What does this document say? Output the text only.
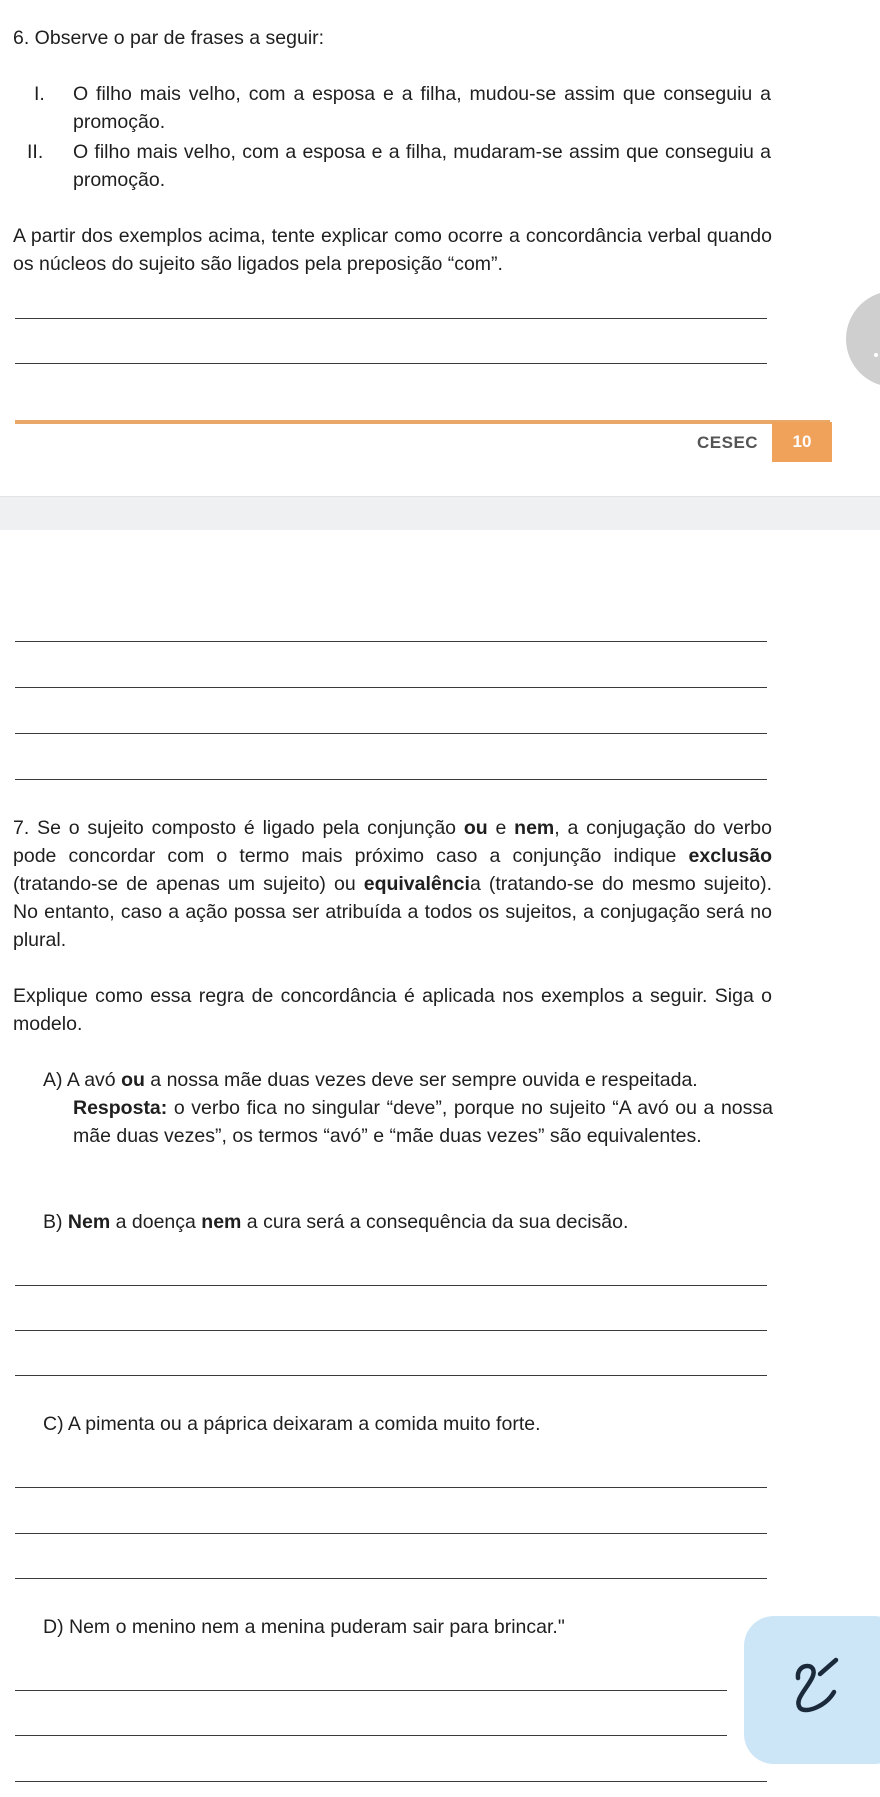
6. Observe o par de frases a seguir:

I. O filho mais velho, com a esposa e a filha, mudou-se assim que conseguiu a promoção.

II. O filho mais velho, com a esposa e a filha, mudaram-se assim que conseguiu a promoção.

A partir dos exemplos acima, tente explicar como ocorre a concordância verbal quando os núcleos do sujeito são ligados pela preposição “com”.

CESEC	10

7. Se o sujeito composto é ligado pela conjunção ou e nem, a conjugação do verbo pode concordar com o termo mais próximo caso a conjunção indique exclusão (tratando-se de apenas um sujeito) ou equivalência (tratando-se do mesmo sujeito). No entanto, caso a ação possa ser atribuída a todos os sujeitos, a conjugação será no plural.

Explique como essa regra de concordância é aplicada nos exemplos a seguir. Siga o modelo.

A) A avó ou a nossa mãe duas vezes deve ser sempre ouvida e respeitada.

Resposta: o verbo fica no singular “deve”, porque no sujeito “A avó ou a nossa mãe duas vezes”, os termos “avó” e “mãe duas vezes” são equivalentes.

B) Nem a doença nem a cura será a consequência da sua decisão.

C) A pimenta ou a páprica deixaram a comida muito forte.

D) Nem o menino nem a menina puderam sair para brincar."
